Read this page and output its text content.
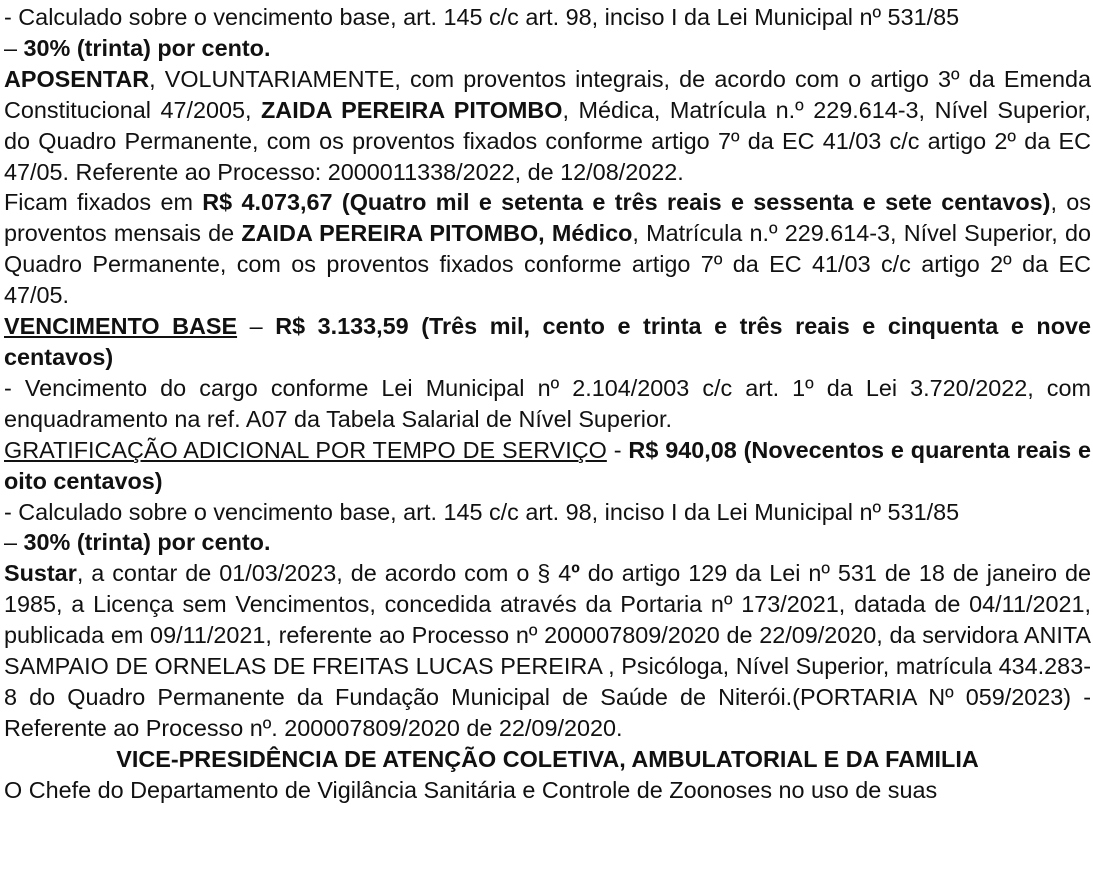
- Calculado sobre o vencimento base, art. 145 c/c art. 98, inciso I da Lei Municipal nº 531/85
– 30% (trinta) por cento.

APOSENTAR, VOLUNTARIAMENTE, com proventos integrais, de acordo com o artigo 3º da Emenda Constitucional 47/2005, ZAIDA PEREIRA PITOMBO, Médica, Matrícula n.º 229.614-3, Nível Superior, do Quadro Permanente, com os proventos fixados conforme artigo 7º da EC 41/03 c/c artigo 2º da EC 47/05. Referente ao Processo: 2000011338/2022, de 12/08/2022.

Ficam fixados em R$ 4.073,67 (Quatro mil e setenta e três reais e sessenta e sete centavos), os proventos mensais de ZAIDA PEREIRA PITOMBO, Médico, Matrícula n.º 229.614-3, Nível Superior, do Quadro Permanente, com os proventos fixados conforme artigo 7º da EC 41/03 c/c artigo 2º da EC 47/05.

VENCIMENTO BASE – R$ 3.133,59 (Três mil, cento e trinta e três reais e cinquenta e nove centavos)

- Vencimento do cargo conforme Lei Municipal nº 2.104/2003 c/c art. 1º da Lei 3.720/2022, com enquadramento na ref. A07 da Tabela Salarial de Nível Superior.

GRATIFICAÇÃO ADICIONAL POR TEMPO DE SERVIÇO - R$ 940,08 (Novecentos e quarenta reais e oito centavos)

- Calculado sobre o vencimento base, art. 145 c/c art. 98, inciso I da Lei Municipal nº 531/85
– 30% (trinta) por cento.

Sustar, a contar de 01/03/2023, de acordo com o § 4º do artigo 129 da Lei nº 531 de 18 de janeiro de 1985, a Licença sem Vencimentos, concedida através da Portaria nº 173/2021, datada de 04/11/2021, publicada em 09/11/2021, referente ao Processo nº 200007809/2020 de 22/09/2020, da servidora ANITA SAMPAIO DE ORNELAS DE FREITAS LUCAS PEREIRA , Psicóloga, Nível Superior, matrícula 434.283-8 do Quadro Permanente da Fundação Municipal de Saúde de Niterói.(PORTARIA Nº 059/2023) - Referente ao Processo nº. 200007809/2020 de 22/09/2020.

VICE-PRESIDÊNCIA DE ATENÇÃO COLETIVA, AMBULATORIAL E DA FAMILIA

O Chefe do Departamento de Vigilância Sanitária e Controle de Zoonoses no uso de suas
